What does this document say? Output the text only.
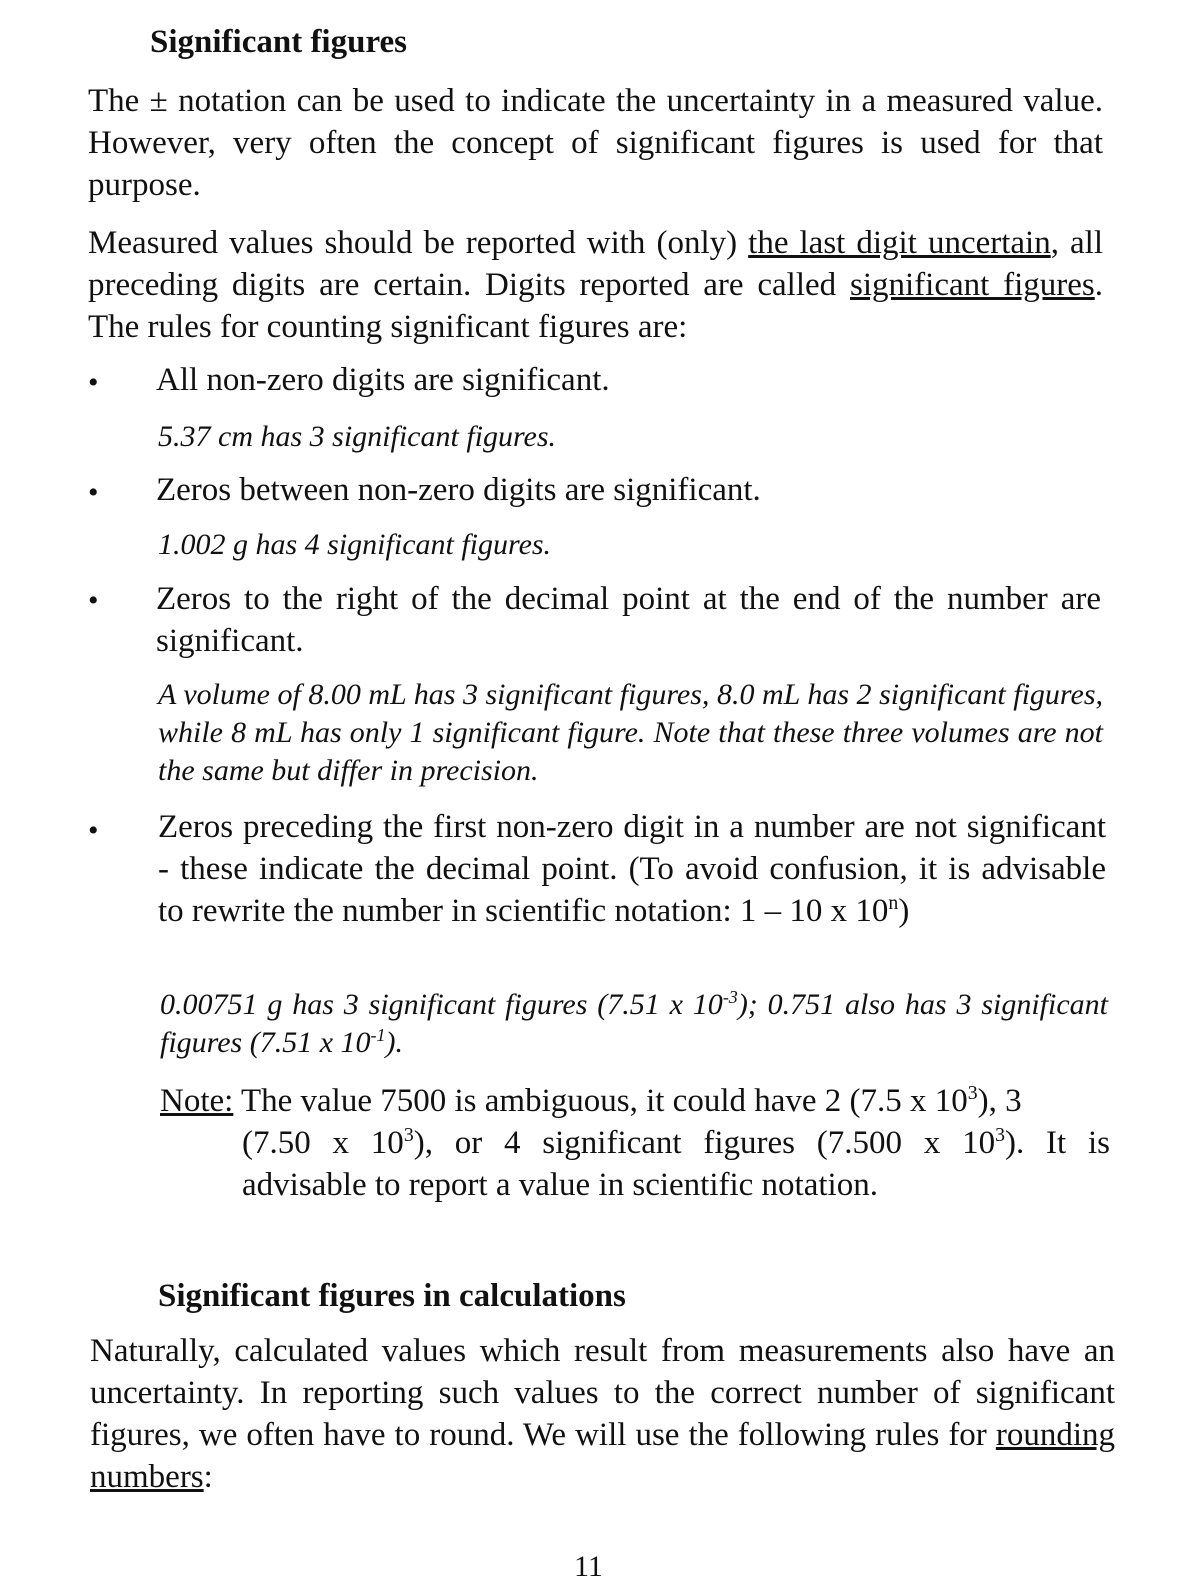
Significant figures

The ± notation can be used to indicate the uncertainty in a measured value. However, very often the concept of significant figures is used for that purpose.

Measured values should be reported with (only) the last digit uncertain, all preceding digits are certain. Digits reported are called significant figures. The rules for counting significant figures are:

• All non-zero digits are significant.

5.37 cm has 3 significant figures.

• Zeros between non-zero digits are significant.

1.002 g has 4 significant figures.

• Zeros to the right of the decimal point at the end of the number are significant.

A volume of 8.00 mL has 3 significant figures, 8.0 mL has 2 significant figures, while 8 mL has only 1 significant figure. Note that these three volumes are not the same but differ in precision.

• Zeros preceding the first non-zero digit in a number are not significant - these indicate the decimal point. (To avoid confusion, it is advisable to rewrite the number in scientific notation: 1 – 10 x 10$^n$)

0.00751 g has 3 significant figures (7.51 x $10^{-3}$); 0.751 also has 3 significant figures (7.51 x $10^{-1}$).

Note: The value 7500 is ambiguous, it could have 2 (7.5 x $10^3$), 3
(7.50 x $10^3$), or 4 significant figures (7.500 x $10^3$). It is
advisable to report a value in scientific notation.
Significant figures in calculations

Naturally, calculated values which result from measurements also have an uncertainty. In reporting such values to the correct number of significant figures, we often have to round. We will use the following rules for rounding numbers:

11
